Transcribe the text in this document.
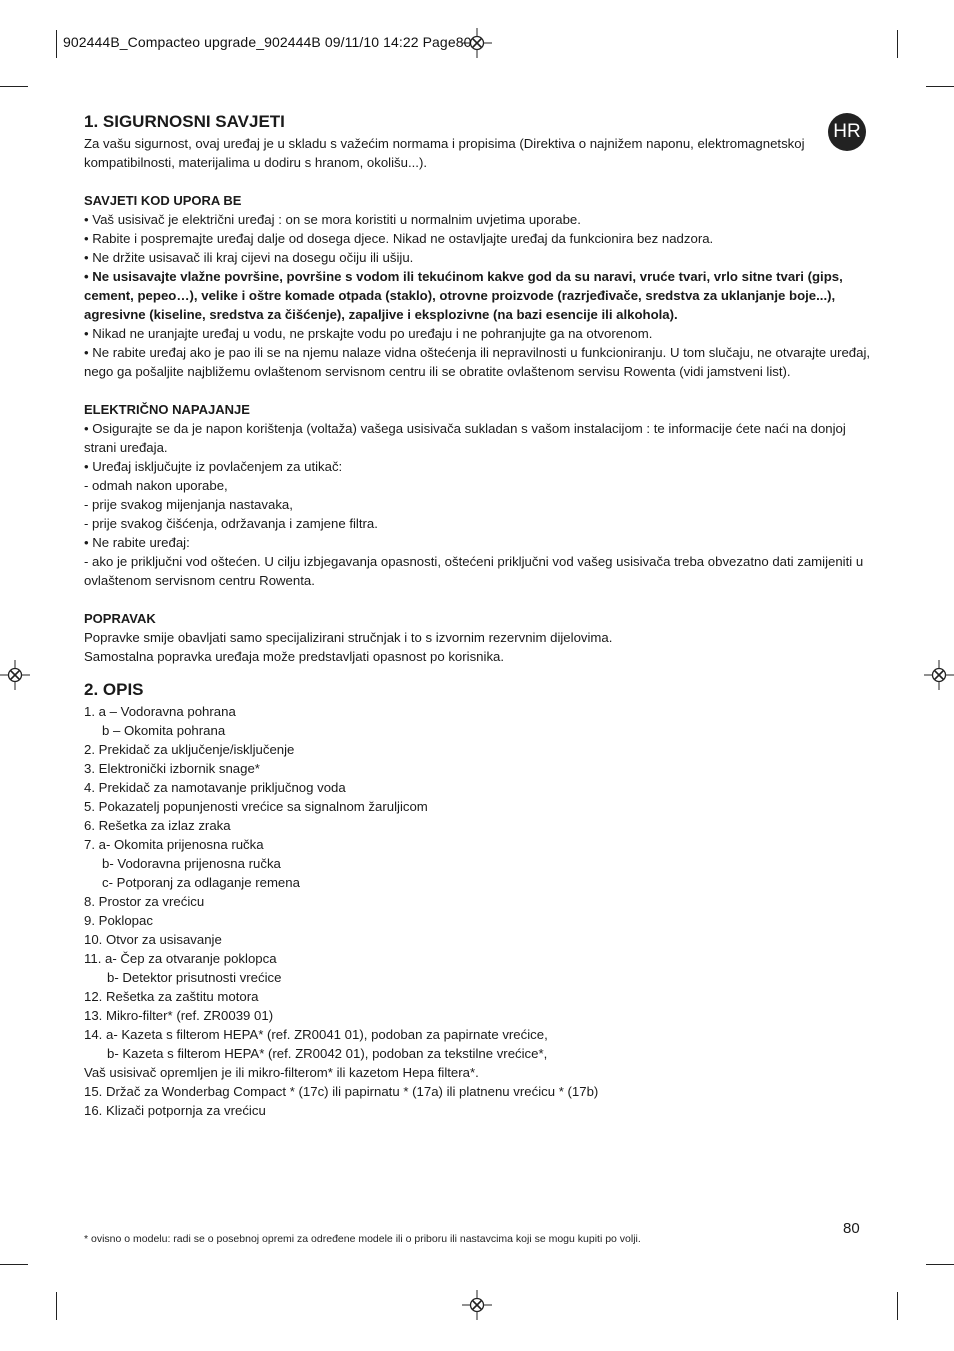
902444B_Compacteo upgrade_902444B 09/11/10 14:22 Page80
HR
1. SIGURNOSNI SAVJETI

Za vašu sigurnost, ovaj uređaj je u skladu s važećim normama i propisima (Direktiva o najnižem naponu, elektromagnetskoj kompatibilnosti, materijalima u dodiru s hranom, okolišu...).

SAVJETI KOD UPORA BE

• Vaš usisivač je električni uređaj : on se mora koristiti u normalnim uvjetima uporabe.

• Rabite i pospremajte uređaj dalje od dosega djece. Nikad ne ostavljajte uređaj da funkcionira bez nadzora.

• Ne držite usisavač ili kraj cijevi na dosegu očiju ili ušiju.

• Ne usisavajte vlažne površine, površine s vodom ili tekućinom kakve god da su naravi, vruće tvari, vrlo sitne tvari (gips, cement, pepeo…), velike i oštre komade otpada (staklo), otrovne proizvode (razrjeđivače, sredstva za uklanjanje boje...), agresivne (kiseline, sredstva za čišćenje), zapaljive i eksplozivne (na bazi esencije ili alkohola).

• Nikad ne uranjajte uređaj u vodu, ne prskajte vodu po uređaju i ne pohranjujte ga na otvorenom.

• Ne rabite uređaj ako je pao ili se na njemu nalaze vidna oštećenja ili nepravilnosti u funkcioniranju. U tom slučaju, ne otvarajte uređaj, nego ga pošaljite najbližemu ovlaštenom servisnom centru ili se obratite ovlaštenom servisu Rowenta (vidi jamstveni list).

ELEKTRIČNO NAPAJANJE

• Osigurajte se da je napon korištenja (voltaža) vašega usisivača sukladan s vašom instalacijom : te informacije ćete naći na donjoj strani uređaja.

• Uređaj isključujte iz povlačenjem za utikač:

- odmah nakon uporabe,

- prije svakog mijenjanja nastavaka,

- prije svakog čišćenja, održavanja i zamjene filtra.

• Ne rabite uređaj:

- ako je priključni vod oštećen. U cilju izbjegavanja opasnosti, oštećeni priključni vod vašeg usisivača treba obvezatno dati zamijeniti u ovlaštenom servisnom centru Rowenta.

POPRAVAK

Popravke smije obavljati samo specijalizirani stručnjak i to s izvornim rezervnim dijelovima.

Samostalna popravka uređaja može predstavljati opasnost po korisnika.

2. OPIS

1. a – Vodoravna pohrana

b – Okomita pohrana

2. Prekidač za uključenje/isključenje

3. Elektronički izbornik snage*

4. Prekidač za namotavanje priključnog voda

5. Pokazatelj popunjenosti vrećice sa signalnom žaruljicom

6. Rešetka za izlaz zraka

7. a- Okomita prijenosna ručka

b- Vodoravna prijenosna ručka

c- Potporanj za odlaganje remena

8. Prostor za vrećicu

9. Poklopac

10. Otvor za usisavanje

11. a- Čep za otvaranje poklopca

b- Detektor prisutnosti vrećice

12. Rešetka za zaštitu motora

13. Mikro-filter* (ref. ZR0039 01)

14. a- Kazeta s filterom HEPA* (ref. ZR0041 01), podoban za papirnate vrećice,

b- Kazeta s filterom HEPA* (ref. ZR0042 01), podoban za tekstilne vrećice*,

Vaš usisivač opremljen je ili mikro-filterom* ili kazetom Hepa filtera*.

15. Držač za Wonderbag Compact * (17c) ili papirnatu * (17a) ili platnenu vrećicu * (17b)

16. Klizači potpornja za vrećicu

80
* ovisno o modelu: radi se o posebnoj opremi za određene modele ili o priboru ili nastavcima koji se mogu kupiti po volji.
